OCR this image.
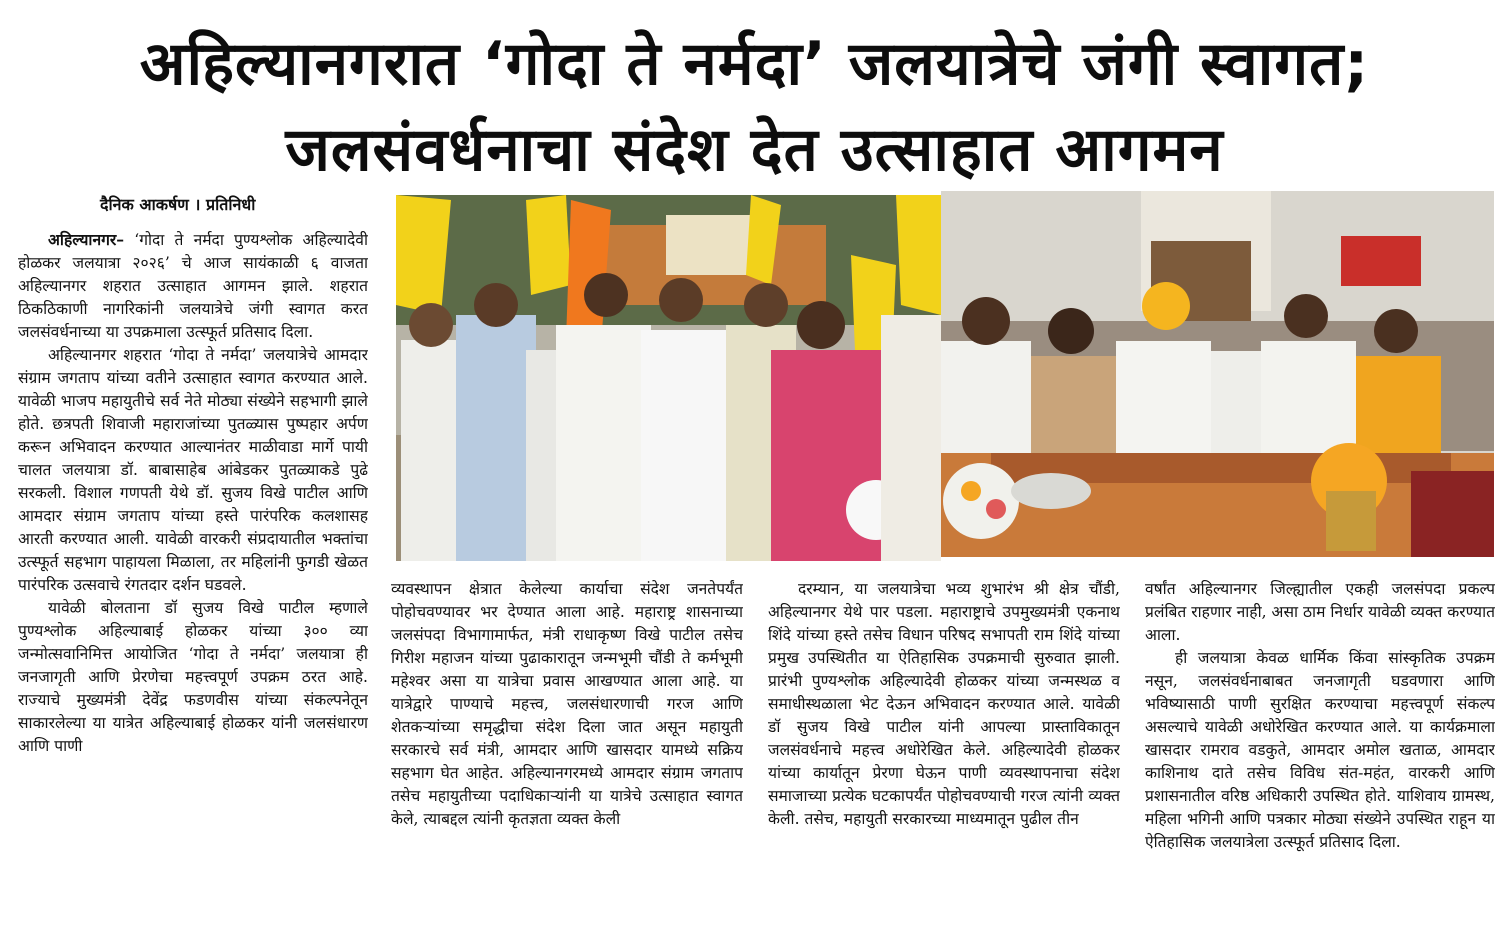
अहिल्यानगरात ‘गोदा ते नर्मदा’ जलयात्रेचे जंगी स्वागत;
जलसंवर्धनाचा संदेश देत उत्साहात आगमन
दैनिक आकर्षण । प्रतिनिधी

अहिल्यानगर– ‘गोदा ते नर्मदा पुण्यश्लोक अहिल्यादेवी होळकर जलयात्रा २०२६’ चे आज सायंकाळी ६ वाजता अहिल्यानगर शहरात उत्साहात आगमन झाले. शहरात ठिकठिकाणी नागरिकांनी जलयात्रेचे जंगी स्वागत करत जलसंवर्धनाच्या या उपक्रमाला उत्स्फूर्त प्रतिसाद दिला.

अहिल्यानगर शहरात ‘गोदा ते नर्मदा’ जलयात्रेचे आमदार संग्राम जगताप यांच्या वतीने उत्साहात स्वागत करण्यात आले. यावेळी भाजप महायुतीचे सर्व नेते मोठ्या संख्येने सहभागी झाले होते. छत्रपती शिवाजी महाराजांच्या पुतळ्यास पुष्पहार अर्पण करून अभिवादन करण्यात आल्यानंतर माळीवाडा मार्गे पायी चालत जलयात्रा डॉ. बाबासाहेब आंबेडकर पुतळ्याकडे पुढे सरकली. विशाल गणपती येथे डॉ. सुजय विखे पाटील आणि आमदार संग्राम जगताप यांच्या हस्ते पारंपरिक कलशासह आरती करण्यात आली. यावेळी वारकरी संप्रदायातील भक्तांचा उत्स्फूर्त सहभाग पाहायला मिळाला, तर महिलांनी फुगडी खेळत पारंपरिक उत्सवाचे रंगतदार दर्शन घडवले.

यावेळी बोलताना डॉ सुजय विखे पाटील म्हणाले पुण्यश्लोक अहिल्याबाई होळकर यांच्या ३०० व्या जन्मोत्सवानिमित्त आयोजित ‘गोदा ते नर्मदा’ जलयात्रा ही जनजागृती आणि प्रेरणेचा महत्त्वपूर्ण उपक्रम ठरत आहे. राज्याचे मुख्यमंत्री देवेंद्र फडणवीस यांच्या संकल्पनेतून साकारलेल्या या यात्रेत अहिल्याबाई होळकर यांनी जलसंधारण आणि पाणी

व्यवस्थापन क्षेत्रात केलेल्या कार्याचा संदेश जनतेपर्यंत पोहोचवण्यावर भर देण्यात आला आहे. महाराष्ट्र शासनाच्या जलसंपदा विभागामार्फत, मंत्री राधाकृष्ण विखे पाटील तसेच गिरीश महाजन यांच्या पुढाकारातून जन्मभूमी चौंडी ते कर्मभूमी महेश्वर असा या यात्रेचा प्रवास आखण्यात आला आहे. या यात्रेद्वारे पाण्याचे महत्त्व, जलसंधारणाची गरज आणि शेतकऱ्यांच्या समृद्धीचा संदेश दिला जात असून महायुती सरकारचे सर्व मंत्री, आमदार आणि खासदार यामध्ये सक्रिय सहभाग घेत आहेत. अहिल्यानगरमध्ये आमदार संग्राम जगताप तसेच महायुतीच्या पदाधिकाऱ्यांनी या यात्रेचे उत्साहात स्वागत केले, त्याबद्दल त्यांनी कृतज्ञता व्यक्त केली

दरम्यान, या जलयात्रेचा भव्य शुभारंभ श्री क्षेत्र चौंडी, अहिल्यानगर येथे पार पडला. महाराष्ट्राचे उपमुख्यमंत्री एकनाथ शिंदे यांच्या हस्ते तसेच विधान परिषद सभापती राम शिंदे यांच्या प्रमुख उपस्थितीत या ऐतिहासिक उपक्रमाची सुरुवात झाली. प्रारंभी पुण्यश्लोक अहिल्यादेवी होळकर यांच्या जन्मस्थळ व समाधीस्थळाला भेट देऊन अभिवादन करण्यात आले. यावेळी डॉ सुजय विखे पाटील यांनी आपल्या प्रास्ताविकातून जलसंवर्धनाचे महत्त्व अधोरेखित केले. अहिल्यादेवी होळकर यांच्या कार्यातून प्रेरणा घेऊन पाणी व्यवस्थापनाचा संदेश समाजाच्या प्रत्येक घटकापर्यंत पोहोचवण्याची गरज त्यांनी व्यक्त केली. तसेच, महायुती सरकारच्या माध्यमातून पुढील तीन

वर्षांत अहिल्यानगर जिल्ह्यातील एकही जलसंपदा प्रकल्प प्रलंबित राहणार नाही, असा ठाम निर्धार यावेळी व्यक्त करण्यात आला.

ही जलयात्रा केवळ धार्मिक किंवा सांस्कृतिक उपक्रम नसून, जलसंवर्धनाबाबत जनजागृती घडवणारा आणि भविष्यासाठी पाणी सुरक्षित करण्याचा महत्त्वपूर्ण संकल्प असल्याचे यावेळी अधोरेखित करण्यात आले. या कार्यक्रमाला खासदार रामराव वडकुते, आमदार अमोल खताळ, आमदार काशिनाथ दाते तसेच विविध संत-महंत, वारकरी आणि प्रशासनातील वरिष्ठ अधिकारी उपस्थित होते. याशिवाय ग्रामस्थ, महिला भगिनी आणि पत्रकार मोठ्या संख्येने उपस्थित राहून या ऐतिहासिक जलयात्रेला उत्स्फूर्त प्रतिसाद दिला.
